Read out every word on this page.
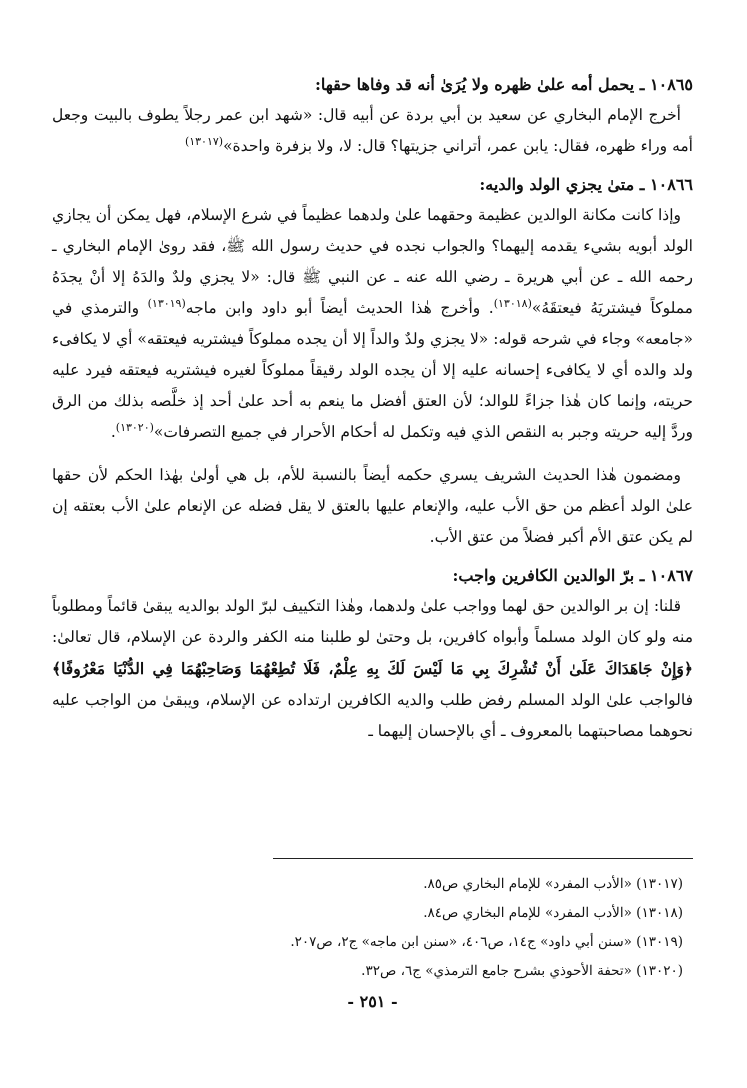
١٠٨٦٥ ـ يحمل أمه علىٰ ظهره ولا يُرَىٰ أنه قد وفاها حقها:

أخرج الإمام البخاري عن سعيد بن أبي بردة عن أبيه قال: «شهد ابن عمر رجلاً يطوف بالبيت وجعل أمه وراء ظهره، فقال: يابن عمر، أتراني جزيتها؟ قال: لا، ولا بزفرة واحدة»$^{(١٣٠١٧)}$

١٠٨٦٦ ـ متىٰ يجزي الولد والديه:

وإذا كانت مكانة الوالدين عظيمة وحقهما علىٰ ولدهما عظيماً في شرع الإسلام، فهل يمكن أن يجازي الولد أبويه بشيء يقدمه إليهما؟ والجواب نجده في حديث رسول الله ﷺ، فقد روىٰ الإمام البخاري ـ رحمه الله ـ عن أبي هريرة ـ رضي الله عنه ـ عن النبي ﷺ قال: «لا يجزي ولدٌ والدَهُ إلا أنْ يجدَهُ مملوكاً فيشتريَهُ فيعتقَهُ»$^{(١٣٠١٨)}$. وأخرج هٰذا الحديث أيضاً أبو داود وابن ماجه$^{(١٣٠١٩)}$ والترمذي في «جامعه» وجاء في شرحه قوله: «لا يجزي ولدٌ والداً إلا أن يجده مملوكاً فيشتريه فيعتقه» أي لا يكافىء ولد والده أي لا يكافىء إحسانه عليه إلا أن يجده الولد رقيقاً مملوكاً لغيره فيشتريه فيعتقه فيرد عليه حريته، وإنما كان هٰذا جزاءً للوالد؛ لأن العتق أفضل ما ينعم به أحد علىٰ أحد إذ خلَّصه بذلك من الرق وردَّ إليه حريته وجبر به النقص الذي فيه وتكمل له أحكام الأحرار في جميع التصرفات»$^{(١٣٠٢٠)}$.

ومضمون هٰذا الحديث الشريف يسري حكمه أيضاً بالنسبة للأم، بل هي أولىٰ بهٰذا الحكم لأن حقها علىٰ الولد أعظم من حق الأب عليه، والإنعام عليها بالعتق لا يقل فضله عن الإنعام علىٰ الأب بعتقه إن لم يكن عتق الأم أكبر فضلاً من عتق الأب.

١٠٨٦٧ ـ برّ الوالدين الكافرين واجب:

قلنا: إن بر الوالدين حق لهما وواجب علىٰ ولدهما، وهٰذا التكييف لبرّ الولد بوالديه يبقىٰ قائماً ومطلوباً منه ولو كان الولد مسلماً وأبواه كافرين، بل وحتىٰ لو طلبنا منه الكفر والردة عن الإسلام، قال تعالىٰ: ﴿وَإِنْ جَاهَدَاكَ عَلَىٰ أَنْ تُشْرِكَ بِي مَا لَيْسَ لَكَ بِهِ عِلْمٌ، فَلَا تُطِعْهُمَا وَصَاحِبْهُمَا فِي الدُّنْيَا مَعْرُوفًا﴾ فالواجب علىٰ الولد المسلم رفض طلب والديه الكافرين ارتداده عن الإسلام، ويبقىٰ من الواجب عليه نحوهما مصاحبتهما بالمعروف ـ أي بالإحسان إليهما ـ

(١٣٠١٧) «الأدب المفرد» للإمام البخاري ص٨٥.

(١٣٠١٨) «الأدب المفرد» للإمام البخاري ص٨٤.

(١٣٠١٩) «سنن أبي داود» ج١٤، ص٤٠٦، «سنن ابن ماجه» ج٢، ص٢٠٧.

(١٣٠٢٠) «تحفة الأحوذي بشرح جامع الترمذي» ج٦، ص٣٢.

- ٢٥١ -
